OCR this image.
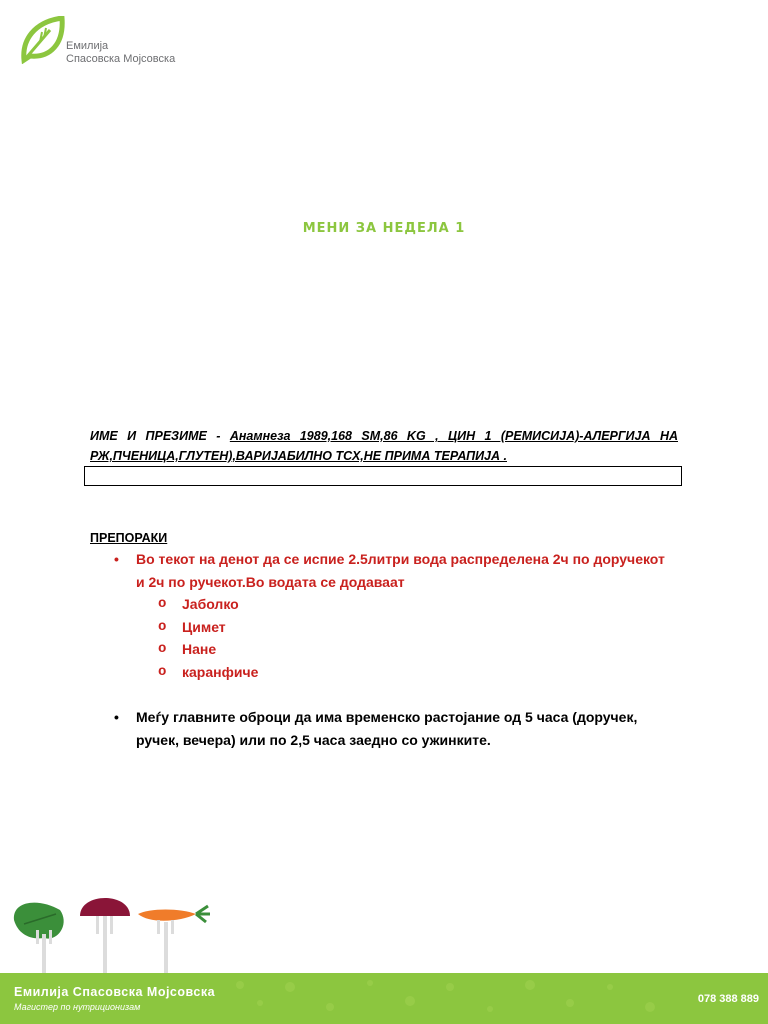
Емилија
Спасовска Мојсовска
МЕНИ ЗА НЕДЕЛА 1
ИМЕ И ПРЕЗИМЕ - Анамнеза 1989,168 SM,86 KG , ЦИН 1 (РЕМИСИЈА)-АЛЕРГИЈА НА РЖ,ПЧЕНИЦА,ГЛУТЕН),ВАРИЈАБИЛНО ТСХ,НЕ ПРИМА ТЕРАПИЈА .
ПРЕПОРАКИ
• Во текот на денот да се испие 2.5литри вода распределена 2ч по доручекот и 2ч по ручекот.Во водата се додаваат
o Јаболко
o Цимет
o Нане
o каранфиче
• Меѓу главните оброци да има временско растојание од 5 часа (доручек, ручек, вечера) или по 2,5 часа заедно со ужинките.
Емилија Спасовска Мојсовска
Магистер по нутриционизам
078 388 889
